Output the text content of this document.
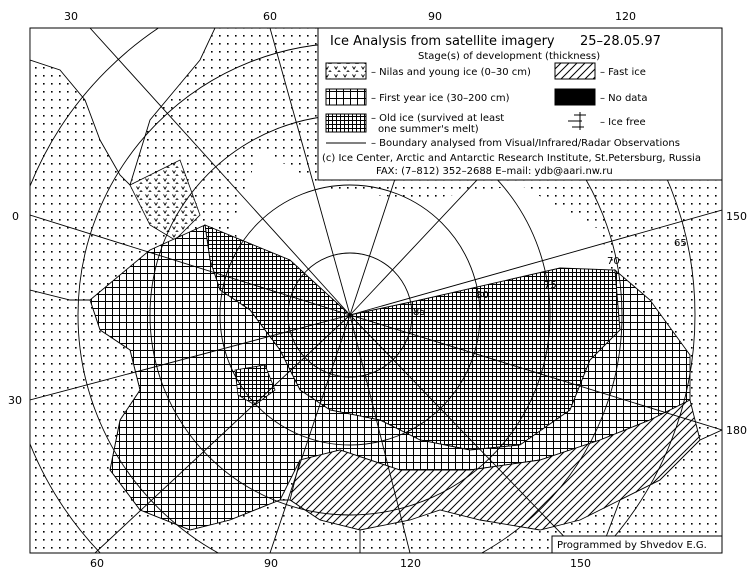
85
80
75
70
65
30	60	90	120
60	90	120	150
0
30
150
180
Ice Analysis from satellite imagery 25–28.05.97
Stage(s) of development (thickness)
– Nilas and young ice (0–30 cm)	– Fast ice
– First year ice (30–200 cm)	– No data
– Old ice (survived at least
one summer's melt)
– Ice free
– Boundary analysed from Visual/Infrared/Radar Observations
(c) Ice Center, Arctic and Antarctic Research Institute, St.Petersburg, Russia
FAX: (7–812) 352–2688 E–mail: ydb@aari.nw.ru
Programmed by Shvedov E.G.
